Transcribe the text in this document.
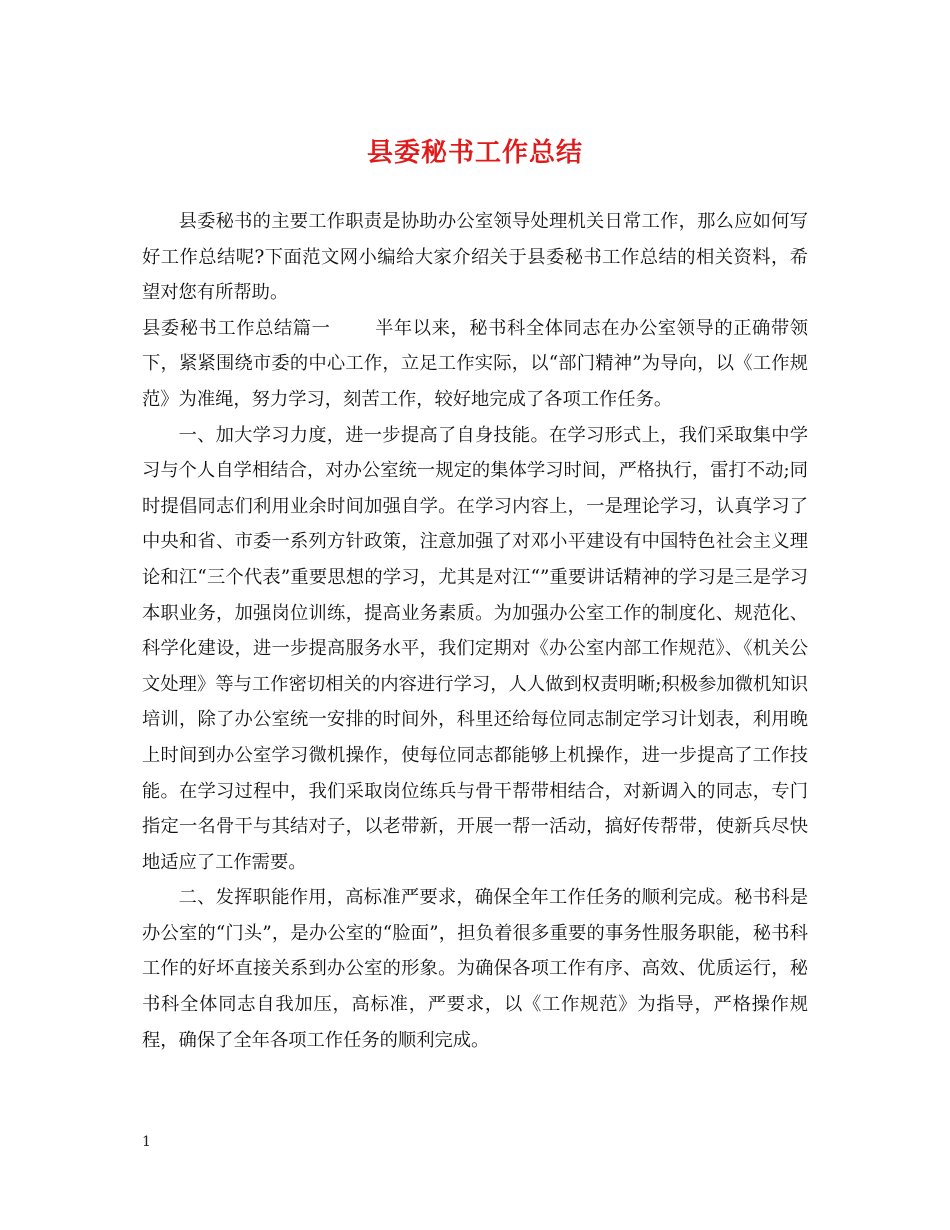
县委秘书工作总结

县委秘书的主要工作职责是协助办公室领导处理机关日常工作，那么应如何写好工作总结呢?下面范文网小编给大家介绍关于县委秘书工作总结的相关资料，希望对您有所帮助。

县委秘书工作总结篇一 半年以来，秘书科全体同志在办公室领导的正确带领下，紧紧围绕市委的中心工作，立足工作实际，以“部门精神”为导向，以《工作规范》为准绳，努力学习，刻苦工作，较好地完成了各项工作任务。

一、加大学习力度，进一步提高了自身技能。在学习形式上，我们采取集中学习与个人自学相结合，对办公室统一规定的集体学习时间，严格执行，雷打不动;同时提倡同志们利用业余时间加强自学。在学习内容上，一是理论学习，认真学习了中央和省、市委一系列方针政策，注意加强了对邓小平建设有中国特色社会主义理论和江“三个代表”重要思想的学习，尤其是对江“”重要讲话精神的学习是三是学习本职业务，加强岗位训练，提高业务素质。为加强办公室工作的制度化、规范化、科学化建设，进一步提高服务水平，我们定期对《办公室内部工作规范》、《机关公文处理》等与工作密切相关的内容进行学习，人人做到权责明晰;积极参加微机知识培训，除了办公室统一安排的时间外，科里还给每位同志制定学习计划表，利用晚上时间到办公室学习微机操作，使每位同志都能够上机操作，进一步提高了工作技能。在学习过程中，我们采取岗位练兵与骨干帮带相结合，对新调入的同志，专门指定一名骨干与其结对子，以老带新，开展一帮一活动，搞好传帮带，使新兵尽快地适应了工作需要。

二、发挥职能作用，高标准严要求，确保全年工作任务的顺利完成。秘书科是办公室的“门头”，是办公室的“脸面”，担负着很多重要的事务性服务职能，秘书科工作的好坏直接关系到办公室的形象。为确保各项工作有序、高效、优质运行，秘书科全体同志自我加压，高标准，严要求，以《工作规范》为指导，严格操作规程，确保了全年各项工作任务的顺利完成。

1
